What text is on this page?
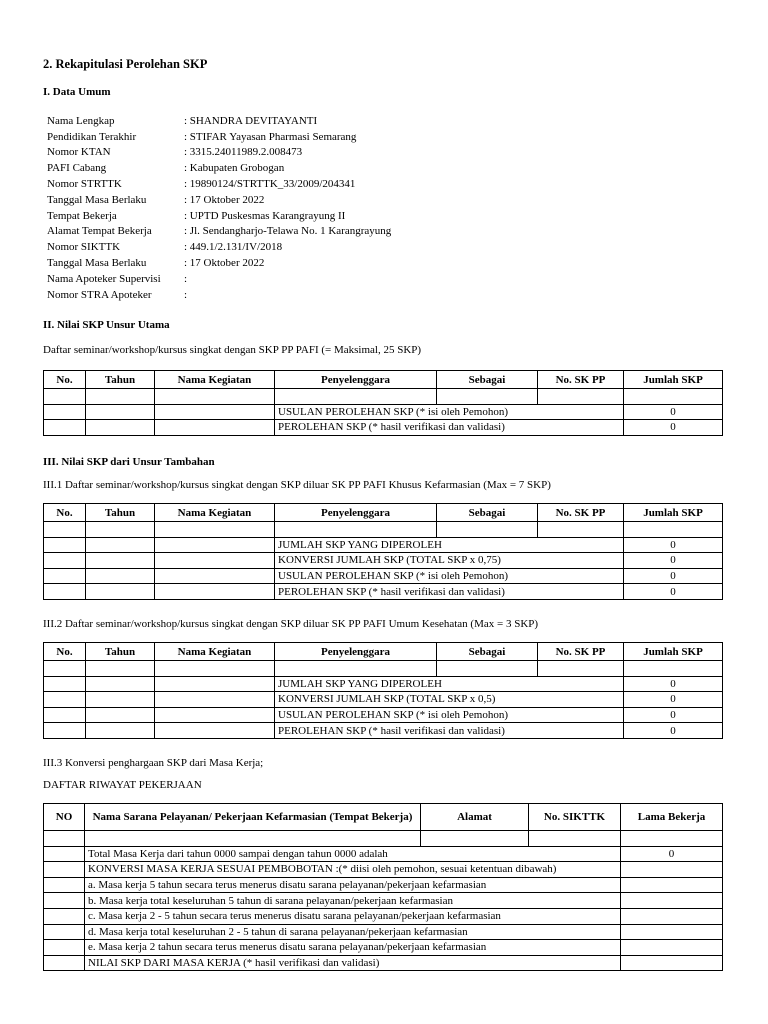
2. Rekapitulasi Perolehan SKP
I. Data Umum
Nama Lengkap	: SHANDRA DEVITAYANTI
Pendidikan Terakhir	: STIFAR Yayasan Pharmasi Semarang
Nomor KTAN	: 3315.24011989.2.008473
PAFI Cabang	: Kabupaten Grobogan
Nomor STRTTK	: 19890124/STRTTK_33/2009/204341
Tanggal Masa Berlaku	: 17 Oktober 2022
Tempat Bekerja	: UPTD Puskesmas Karangrayung II
Alamat Tempat Bekerja	: Jl. Sendangharjo-Telawa No. 1 Karangrayung
Nomor SIKTTK	: 449.1/2.131/IV/2018
Tanggal Masa Berlaku	: 17 Oktober 2022
Nama Apoteker Supervisi	:
Nomor STRA Apoteker	:
II. Nilai SKP Unsur Utama
Daftar seminar/workshop/kursus singkat dengan SKP PP PAFI (= Maksimal, 25 SKP)
No.	Tahun	Nama Kegiatan	Penyelenggara	Sebagai	No. SK PP	Jumlah SKP

			USULAN PEROLEHAN SKP (* isi oleh Pemohon)			0
			PEROLEHAN SKP (* hasil verifikasi dan validasi)			0
III. Nilai SKP dari Unsur Tambahan
III.1 Daftar seminar/workshop/kursus singkat dengan SKP diluar SK PP PAFI Khusus Kefarmasian (Max = 7 SKP)
No.	Tahun	Nama Kegiatan	Penyelenggara	Sebagai	No. SK PP	Jumlah SKP

			JUMLAH SKP YANG DIPEROLEH			0
			KONVERSI JUMLAH SKP (TOTAL SKP x 0,75)			0
			USULAN PEROLEHAN SKP (* isi oleh Pemohon)			0
			PEROLEHAN SKP (* hasil verifikasi dan validasi)			0
III.2 Daftar seminar/workshop/kursus singkat dengan SKP diluar SK PP PAFI Umum Kesehatan (Max = 3 SKP)
No.	Tahun	Nama Kegiatan	Penyelenggara	Sebagai	No. SK PP	Jumlah SKP

			JUMLAH SKP YANG DIPEROLEH			0
			KONVERSI JUMLAH SKP (TOTAL SKP x 0,5)			0
			USULAN PEROLEHAN SKP (* isi oleh Pemohon)			0
			PEROLEHAN SKP (* hasil verifikasi dan validasi)			0
III.3 Konversi penghargaan SKP dari Masa Kerja;
DAFTAR RIWAYAT PEKERJAAN
NO	Nama Sarana Pelayanan/ Pekerjaan Kefarmasian (Tempat Bekerja)	Alamat	No. SIKTTK	Lama Bekerja

	Total Masa Kerja dari tahun 0000 sampai dengan tahun 0000 adalah			0
	KONVERSI MASA KERJA SESUAI PEMBOBOTAN :(* diisi oleh pemohon, sesuai ketentuan dibawah)			
	a. Masa kerja 5 tahun secara terus menerus disatu sarana pelayanan/pekerjaan kefarmasian			
	b. Masa kerja total keseluruhan 5 tahun di sarana pelayanan/pekerjaan kefarmasian			
	c. Masa kerja 2 - 5 tahun secara terus menerus disatu sarana pelayanan/pekerjaan kefarmasian			
	d. Masa kerja total keseluruhan 2 - 5 tahun di sarana pelayanan/pekerjaan kefarmasian			
	e. Masa kerja 2 tahun secara terus menerus disatu sarana pelayanan/pekerjaan kefarmasian			
	NILAI SKP DARI MASA KERJA (* hasil verifikasi dan validasi)			
